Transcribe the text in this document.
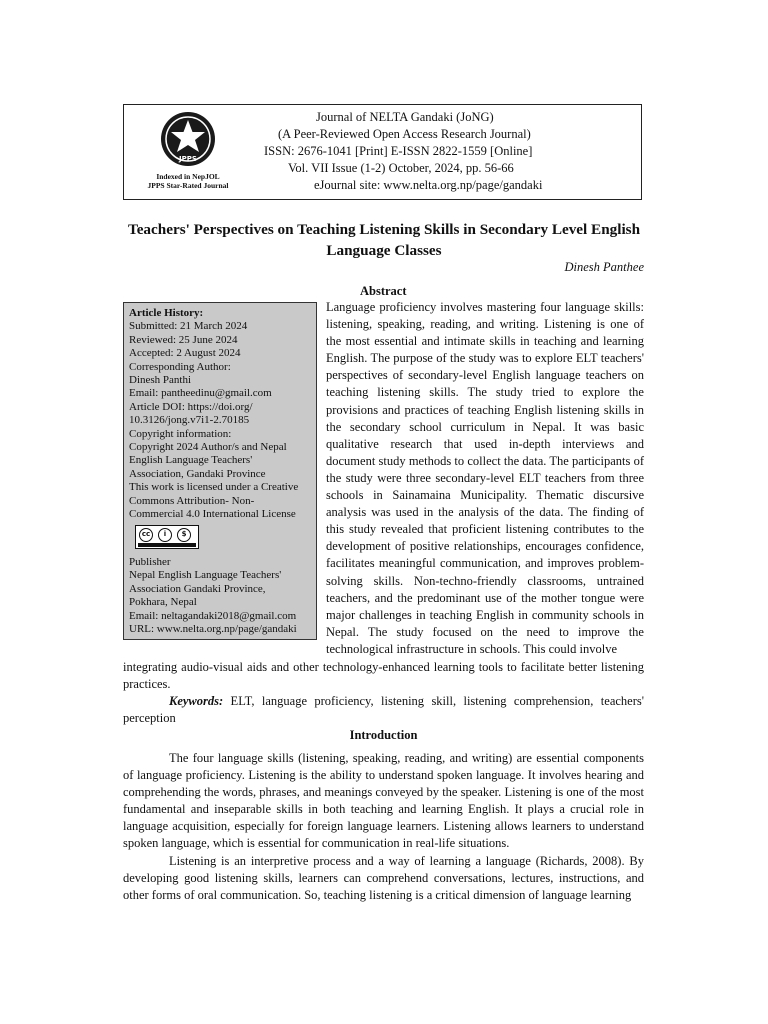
JPPS
Indexed in NepJOL
JPPS Star-Rated Journal
Journal of NELTA Gandaki (JoNG)
(A Peer-Reviewed Open Access Research Journal)
ISSN: 2676-1041 [Print] E-ISSN 2822-1559 [Online]
Vol. VII Issue (1-2) October, 2024, pp. 56-66
eJournal site: www.nelta.org.np/page/gandaki
Teachers' Perspectives on Teaching Listening Skills in Secondary Level English Language Classes
Dinesh Panthee
Abstract
Article History:
Submitted: 21 March 2024
Reviewed: 25 June 2024
Accepted: 2 August 2024
Corresponding Author:
Dinesh Panthi
Email: pantheedinu@gmail.com
Article DOI: https://doi.org/
10.3126/jong.v7i1-2.70185
Copyright information:
Copyright 2024 Author/s and Nepal
English Language Teachers'
Association, Gandaki Province
This work is licensed under a Creative
Commons Attribution- Non-
Commercial 4.0 International License
cc	i	$
Publisher
Nepal English Language Teachers'
Association Gandaki Province,
Pokhara, Nepal
Email: neltagandaki2018@gmail.com
URL: www.nelta.org.np/page/gandaki

Language proficiency involves mastering four language skills: listening, speaking, reading, and writing. Listening is one of the most essential and intimate skills in teaching and learning English. The purpose of the study was to explore ELT teachers' perspectives of secondary-level English language teachers on teaching listening skills. The study tried to explore the provisions and practices of teaching English listening skills in the secondary school curriculum in Nepal. It was basic qualitative research that used in-depth interviews and document study methods to collect the data. The participants of the study were three secondary-level ELT teachers from three schools in Sainamaina Municipality. Thematic discursive analysis was used in the analysis of the data. The finding of this study revealed that proficient listening contributes to the development of positive relationships, encourages confidence, facilitates meaningful communication, and improves problem-solving skills. Non-techno-friendly classrooms, untrained teachers, and the predominant use of the mother tongue were major challenges in teaching English in community schools in Nepal. The study focused on the need to improve the technological infrastructure in schools. This could involve

integrating audio-visual aids and other technology-enhanced learning tools to facilitate better listening practices.

Keywords: ELT, language proficiency, listening skill, listening comprehension, teachers' perception

Introduction

The four language skills (listening, speaking, reading, and writing) are essential components of language proficiency. Listening is the ability to understand spoken language. It involves hearing and comprehending the words, phrases, and meanings conveyed by the speaker. Listening is one of the most fundamental and inseparable skills in both teaching and learning English. It plays a crucial role in language acquisition, especially for foreign language learners. Listening allows learners to understand spoken language, which is essential for communication in real-life situations.

Listening is an interpretive process and a way of learning a language (Richards, 2008). By developing good listening skills, learners can comprehend conversations, lectures, instructions, and other forms of oral communication. So, teaching listening is a critical dimension of language learning
